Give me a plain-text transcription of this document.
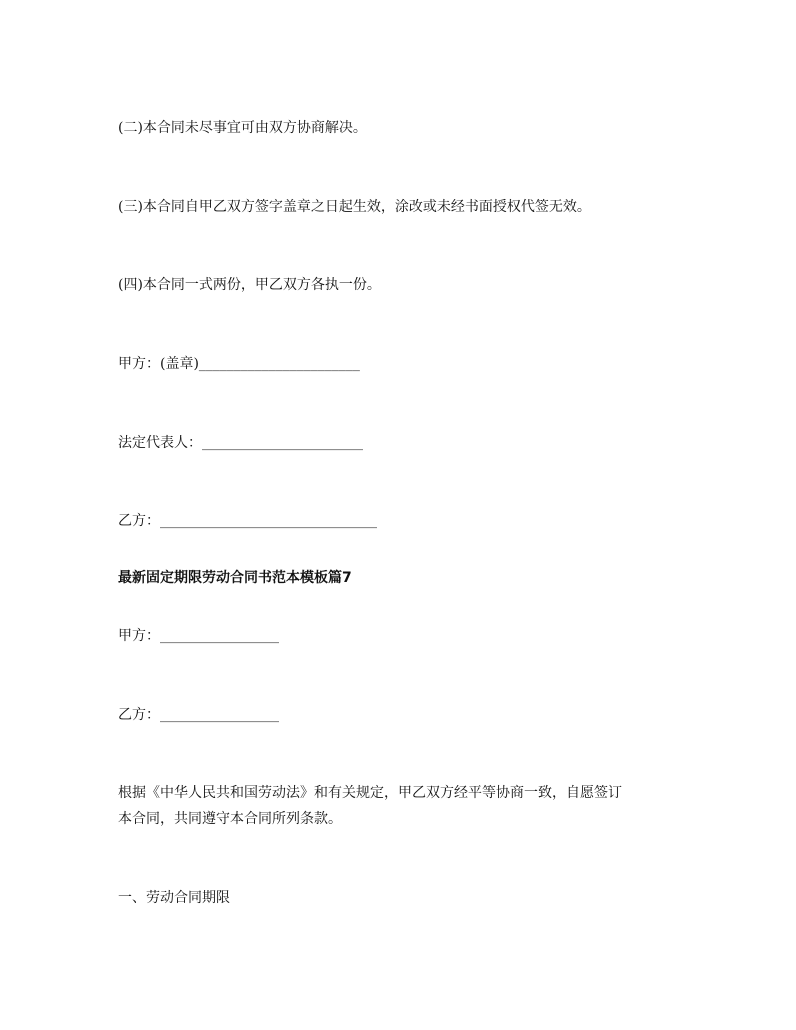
(二)本合同未尽事宜可由双方协商解决。
(三)本合同自甲乙双方签字盖章之日起生效，涂改或未经书面授权代签无效。
(四)本合同一式两份，甲乙双方各执一份。
甲方：(盖章)_______________________
法定代表人：_______________________
乙方：_______________________________
最新固定期限劳动合同书范本模板篇7
甲方：_________________
乙方：_________________
根据《中华人民共和国劳动法》和有关规定，甲乙双方经平等协商一致，自愿签订
本合同，共同遵守本合同所列条款。
一、劳动合同期限
